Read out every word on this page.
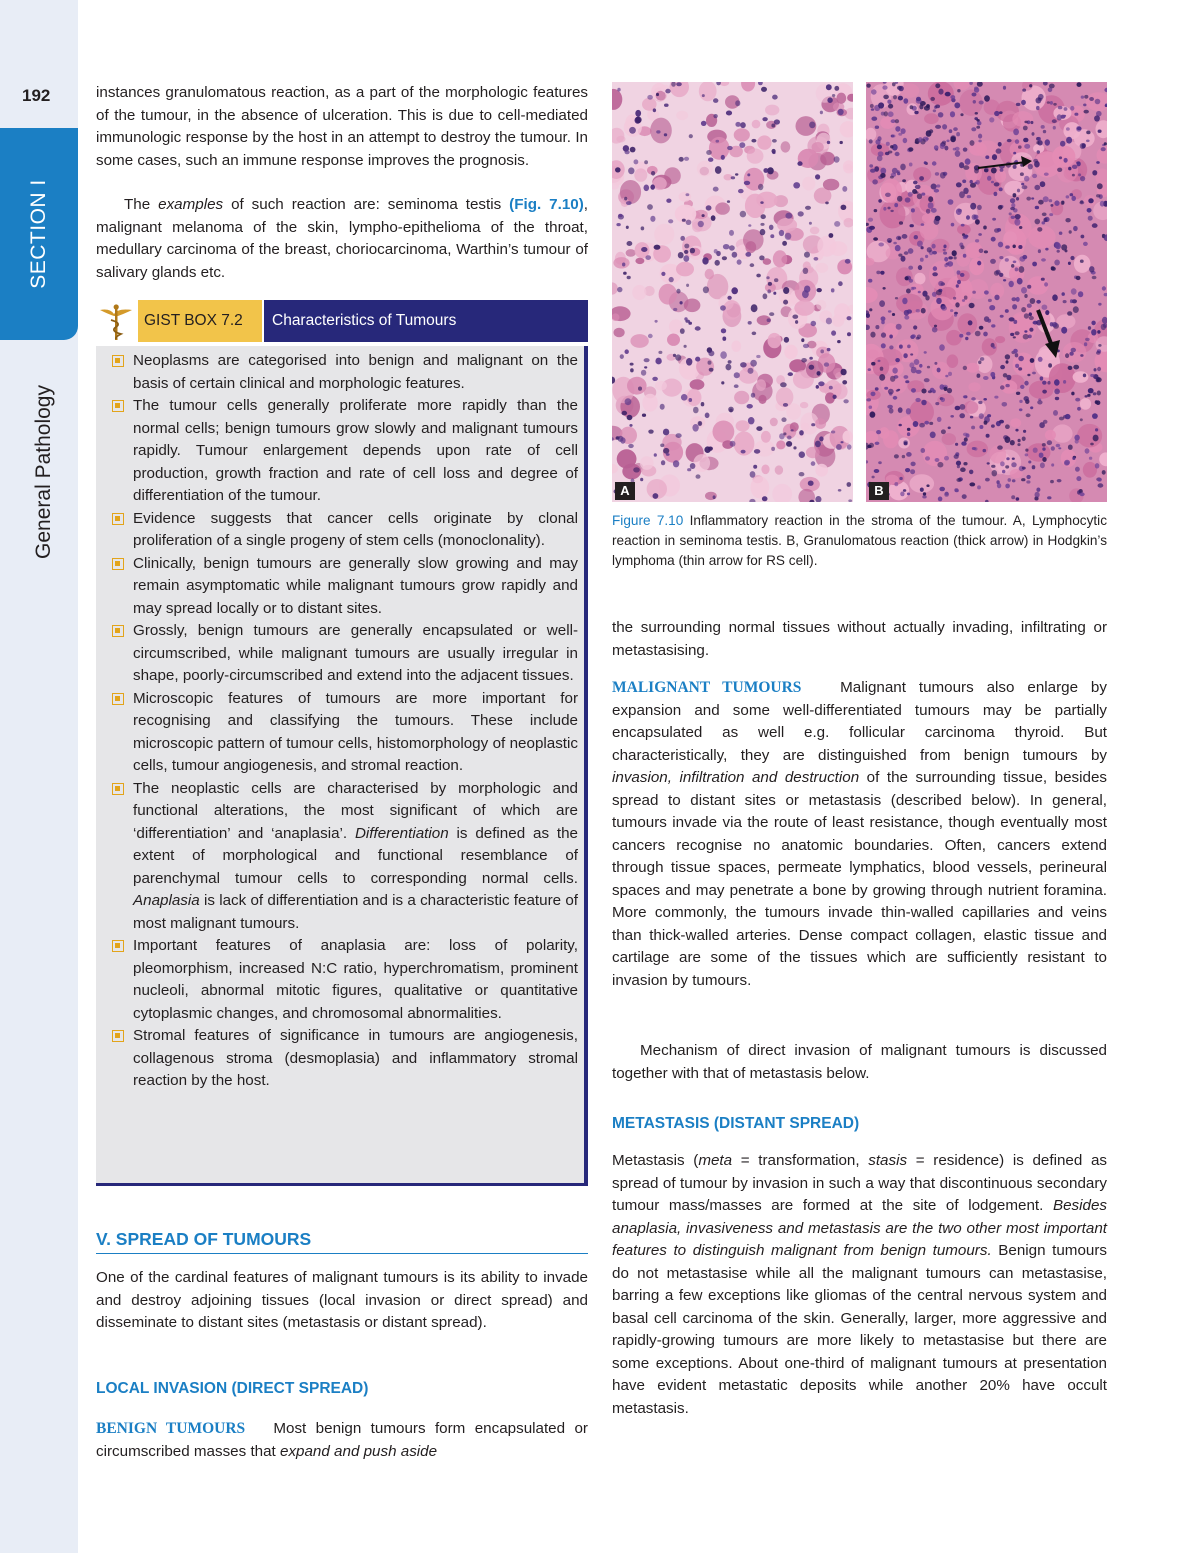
192
SECTION I
General Pathology

instances granulomatous reaction, as a part of the morphologic features of the tumour, in the absence of ulceration. This is due to cell-mediated immunologic response by the host in an attempt to destroy the tumour. In some cases, such an immune response improves the prognosis.

The examples of such reaction are: seminoma testis (Fig. 7.10), malignant melanoma of the skin, lympho-epithelioma of the throat, medullary carcinoma of the breast, choriocarcinoma, Warthin’s tumour of salivary glands etc.

GIST BOX 7.2	Characteristics of Tumours
Neoplasms are categorised into benign and malignant on the basis of certain clinical and morphologic features.
The tumour cells generally proliferate more rapidly than the normal cells; benign tumours grow slowly and malignant tumours rapidly. Tumour enlargement depends upon rate of cell production, growth fraction and rate of cell loss and degree of differentiation of the tumour.
Evidence suggests that cancer cells originate by clonal proliferation of a single progeny of stem cells (monoclonality).
Clinically, benign tumours are generally slow growing and may remain asymptomatic while malignant tumours grow rapidly and may spread locally or to distant sites.
Grossly, benign tumours are generally encapsulated or well-circumscribed, while malignant tumours are usually irregular in shape, poorly-circumscribed and extend into the adjacent tissues.
Microscopic features of tumours are more important for recognising and classifying the tumours. These include microscopic pattern of tumour cells, histomorphology of neoplastic cells, tumour angiogenesis, and stromal reaction.
The neoplastic cells are characterised by morphologic and functional alterations, the most significant of which are ‘differentiation’ and ‘anaplasia’. Differentiation is defined as the extent of morphological and functional resemblance of parenchymal tumour cells to corresponding normal cells. Anaplasia is lack of differentiation and is a characteristic feature of most malignant tumours.
Important features of anaplasia are: loss of polarity, pleomorphism, increased N:C ratio, hyperchromatism, prominent nucleoli, abnormal mitotic figures, qualitative or quantitative cytoplasmic changes, and chromosomal abnormalities.
Stromal features of significance in tumours are angiogenesis, collagenous stroma (desmoplasia) and inflammatory stromal reaction by the host.
V. SPREAD OF TUMOURS

One of the cardinal features of malignant tumours is its ability to invade and destroy adjoining tissues (local invasion or direct spread) and disseminate to distant sites (metastasis or distant spread).

LOCAL INVASION (DIRECT SPREAD)

BENIGN TUMOURS Most benign tumours form encapsulated or circumscribed masses that expand and push aside

A	B

Figure 7.10 Inflammatory reaction in the stroma of the tumour. A, Lymphocytic reaction in seminoma testis. B, Granulomatous reaction (thick arrow) in Hodgkin’s lymphoma (thin arrow for RS cell).

the surrounding normal tissues without actually invading, infiltrating or metastasising.

MALIGNANT TUMOURS	Malignant tumours also enlarge by expansion and some well-differentiated tumours may be partially encapsulated as well e.g. follicular carcinoma thyroid. But characteristically, they are distinguished from benign tumours by invasion, infiltration and destruction of the surrounding tissue, besides spread to distant sites or metastasis (described below). In general, tumours invade via the route of least resistance, though eventually most cancers recognise no anatomic boundaries. Often, cancers extend through tissue spaces, permeate lymphatics, blood vessels, perineural spaces and may penetrate a bone by growing through nutrient foramina. More commonly, the tumours invade thin-walled capillaries and veins than thick-walled arteries. Dense compact collagen, elastic tissue and cartilage are some of the tissues which are sufficiently resistant to invasion by tumours.

Mechanism of direct invasion of malignant tumours is discussed together with that of metastasis below.

METASTASIS (DISTANT SPREAD)

Metastasis (meta = transformation, stasis = residence) is defined as spread of tumour by invasion in such a way that discontinuous secondary tumour mass/masses are formed at the site of lodgement. Besides anaplasia, invasiveness and metastasis are the two other most important features to distinguish malignant from benign tumours. Benign tumours do not metastasise while all the malignant tumours can metastasise, barring a few exceptions like gliomas of the central nervous system and basal cell carcinoma of the skin. Generally, larger, more aggressive and rapidly-growing tumours are more likely to metastasise but there are some exceptions. About one-third of malignant tumours at presentation have evident metastatic deposits while another 20% have occult metastasis.
